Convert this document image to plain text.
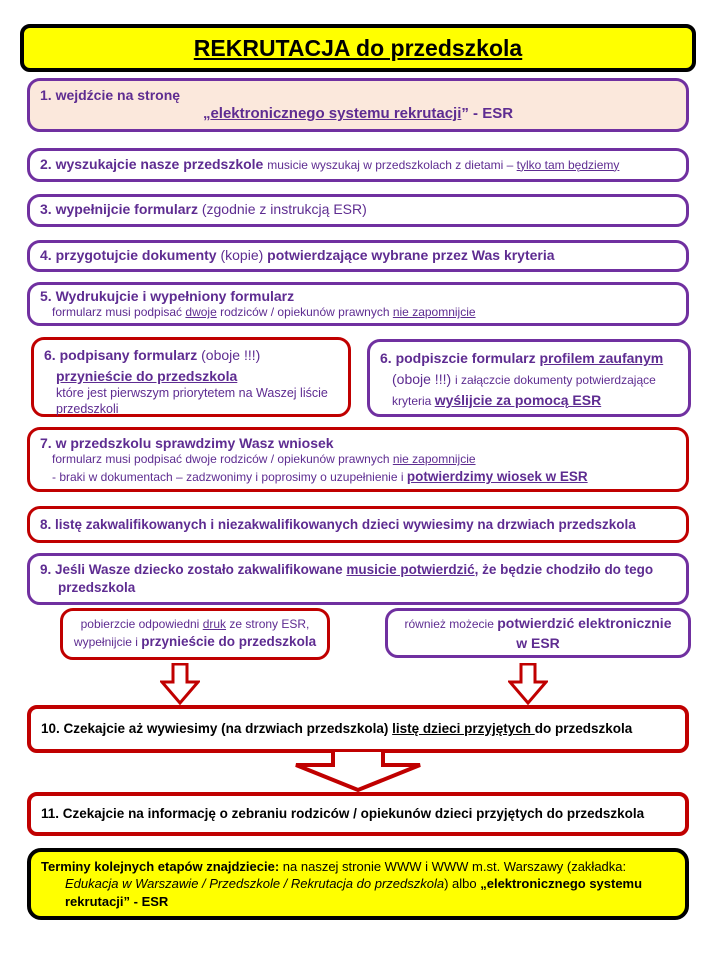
REKRUTACJA do przedszkola
1. wejdźcie na stronę
„elektronicznego systemu rekrutacji” - ESR
2. wyszukajcie nasze przedszkole musicie wyszukaj w przedszkolach z dietami – tylko tam będziemy
3. wypełnijcie formularz (zgodnie z instrukcją ESR)
4. przygotujcie dokumenty (kopie) potwierdzające wybrane przez Was kryteria
5. Wydrukujcie i wypełniony formularz
formularz musi podpisać dwoje rodziców / opiekunów prawnych nie zapomnijcie
6. podpisany formularz (oboje !!!)
przynieście do przedszkola
które jest pierwszym priorytetem na Waszej liście przedszkoli
6. podpiszcie formularz profilem zaufanym
(oboje !!!) i załączcie dokumenty potwierdzające
kryteria wyślijcie za pomocą ESR
7. w przedszkolu sprawdzimy Wasz wniosek
formularz musi podpisać dwoje rodziców / opiekunów prawnych nie zapomnijcie
- braki w dokumentach – zadzwonimy i poprosimy o uzupełnienie i potwierdzimy wiosek w ESR
8. listę zakwalifikowanych i niezakwalifikowanych dzieci wywiesimy na drzwiach przedszkola
9. Jeśli Wasze dziecko zostało zakwalifikowane musicie potwierdzić, że będzie chodziło do tego przedszkola
pobierzcie odpowiedni druk ze strony ESR,
wypełnijcie i przynieście do przedszkola
również możecie potwierdzić elektronicznie
w ESR
10. Czekajcie aż wywiesimy (na drzwiach przedszkola) listę dzieci przyjętych do przedszkola
11. Czekajcie na informację o zebraniu rodziców / opiekunów dzieci przyjętych do przedszkola

Terminy kolejnych etapów znajdziecie: na naszej stronie WWW i WWW m.st. Warszawy (zakładka: Edukacja w Warszawie / Przedszkole / Rekrutacja do przedszkola) albo „elektronicznego systemu rekrutacji” - ESR
